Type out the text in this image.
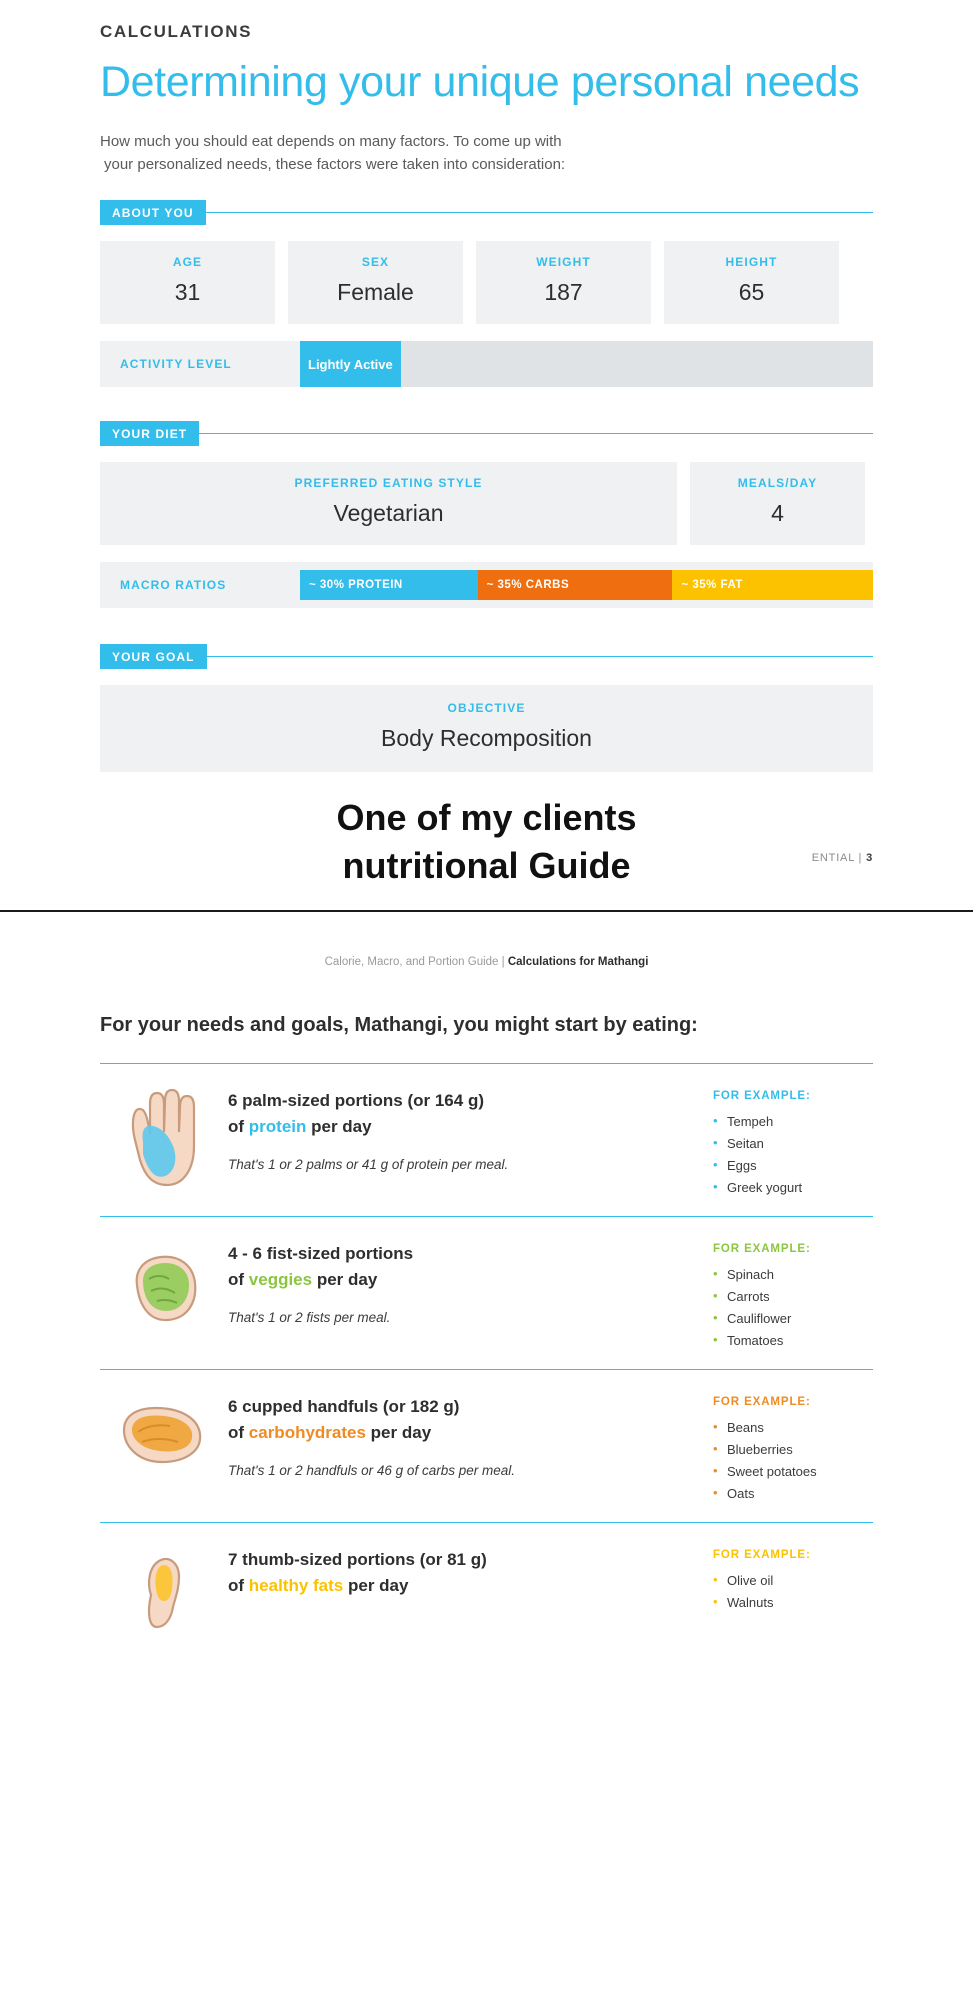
CALCULATIONS
Determining your unique personal needs

How much you should eat depends on many factors. To come up with
your personalized needs, these factors were taken into consideration:

ABOUT YOU
AGE
31
SEX
Female
WEIGHT
187
HEIGHT
65
ACTIVITY LEVEL	Lightly Active
YOUR DIET
PREFERRED EATING STYLE
Vegetarian
MEALS/DAY
4
MACRO RATIOS	~ 30% PROTEIN	~ 35% CARBS	~ 35% FAT
YOUR GOAL
OBJECTIVE
Body Recomposition
One of my clients
nutritional Guide	ENTIAL | 3
Calorie, Macro, and Portion Guide | Calculations for Mathangi
For your needs and goals, Mathangi, you might start by eating:
6 palm-sized portions (or 164 g)
of protein per day
That's 1 or 2 palms or 41 g of protein per meal.
FOR EXAMPLE:
• Tempeh
• Seitan
• Eggs
• Greek yogurt
4 - 6 fist-sized portions
of veggies per day
That's 1 or 2 fists per meal.
FOR EXAMPLE:
• Spinach
• Carrots
• Cauliflower
• Tomatoes
6 cupped handfuls (or 182 g)
of carbohydrates per day
That's 1 or 2 handfuls or 46 g of carbs per meal.
FOR EXAMPLE:
• Beans
• Blueberries
• Sweet potatoes
• Oats
7 thumb-sized portions (or 81 g)
of healthy fats per day
FOR EXAMPLE:
• Olive oil
• Walnuts
